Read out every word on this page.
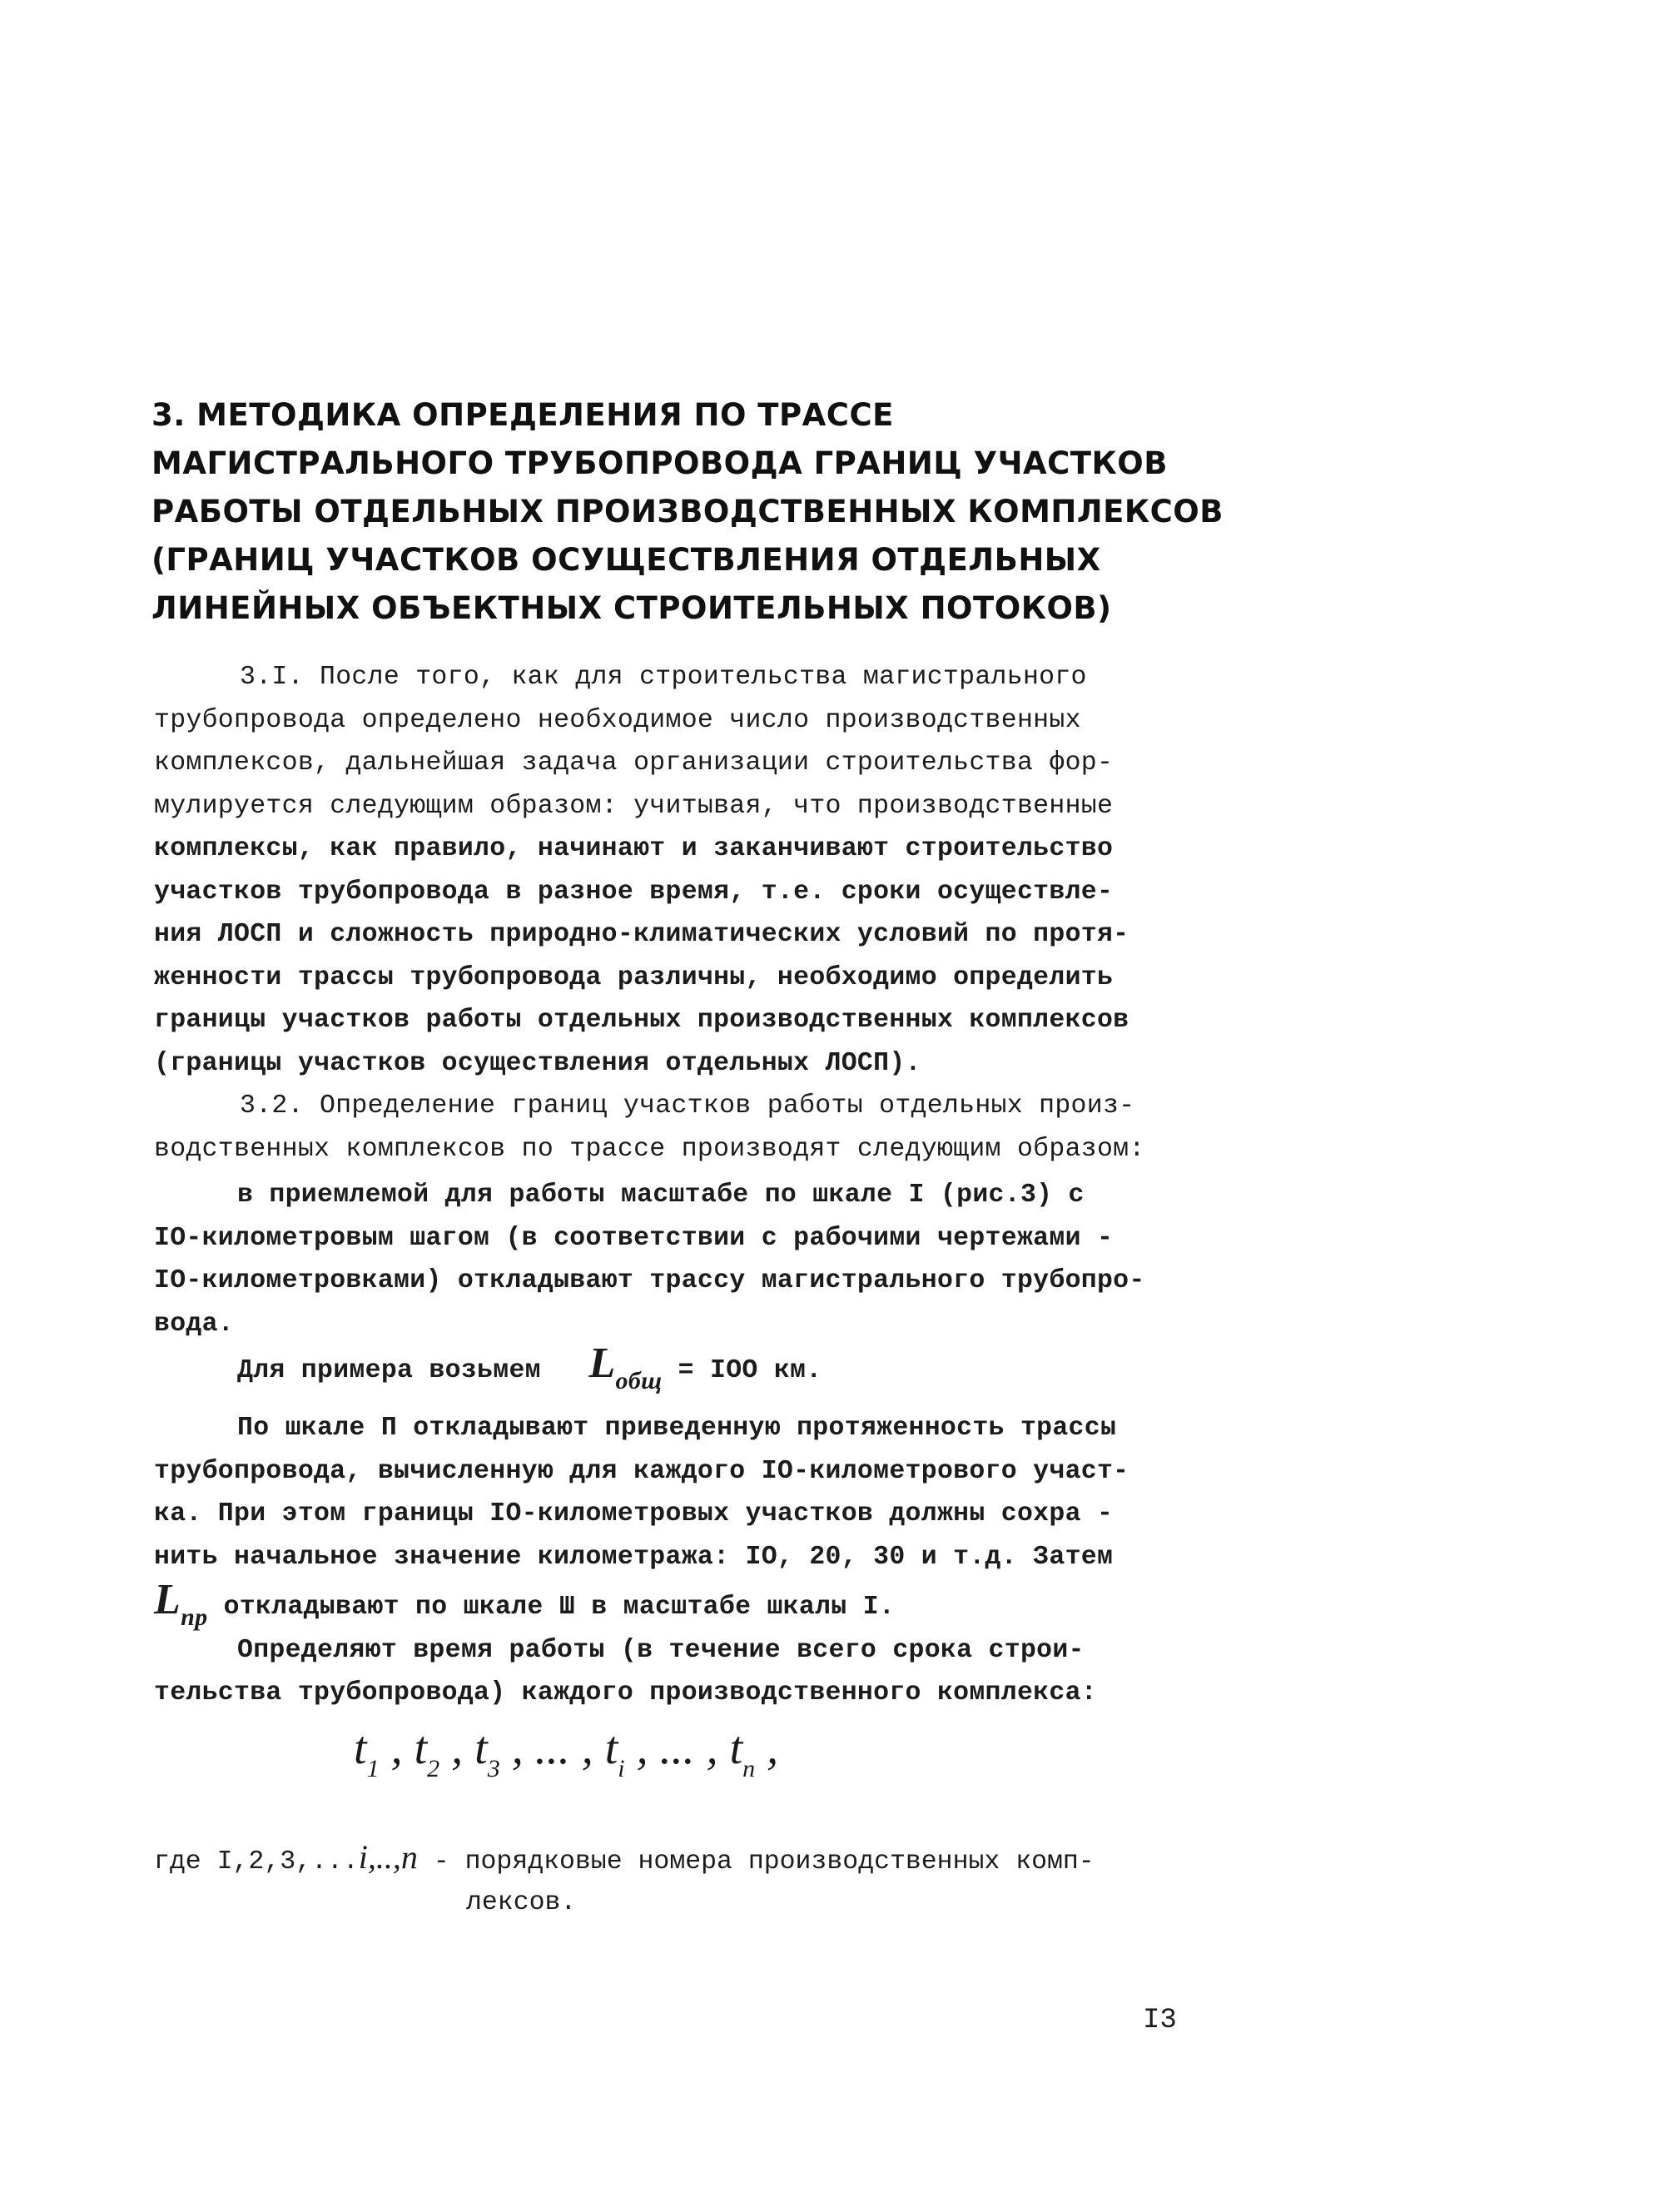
3. МЕТОДИКА ОПРЕДЕЛЕНИЯ ПО ТРАССЕ
МАГИСТРАЛЬНОГО ТРУБОПРОВОДА ГРАНИЦ УЧАСТКОВ
РАБОТЫ ОТДЕЛЬНЫХ ПРОИЗВОДСТВЕННЫХ КОМПЛЕКСОВ
(ГРАНИЦ УЧАСТКОВ ОСУЩЕСТВЛЕНИЯ ОТДЕЛЬНЫХ
ЛИНЕЙНЫХ ОБЪЕКТНЫХ СТРОИТЕЛЬНЫХ ПОТОКОВ)
3.I. После того, как для строительства магистрального
трубопровода определено необходимое число производственных
комплексов, дальнейшая задача организации строительства фор-
мулируется следующим образом: учитывая, что производственные
комплексы, как правило, начинают и заканчивают строительство
участков трубопровода в разное время, т.е. сроки осуществле-
ния ЛОСП и сложность природно-климатических условий по протя-
женности трассы трубопровода различны, необходимо определить
границы участков работы отдельных производственных комплексов
(границы участков осуществления отдельных ЛОСП).
3.2. Определение границ участков работы отдельных произ-
водственных комплексов по трассе производят следующим образом:
в приемлемой для работы масштабе по шкале I (рис.3) с
IO-километровым шагом (в соответствии с рабочими чертежами -
IO-километровками) откладывают трассу магистрального трубопро-
вода.
Для примера возьмем Lобщ = IOO км.
По шкале П откладывают приведенную протяженность трассы
трубопровода, вычисленную для каждого IO-километрового участ-
ка. При этом границы IO-километровых участков должны сохра -
нить начальное значение километража: IO, 20, 30 и т.д. Затем
Lпр откладывают по шкале Ш в масштабе шкалы I.
Определяют время работы (в течение всего срока строи-
тельства трубопровода) каждого производственного комплекса:
$t_1$ , $t_2$ , $t_3$ , ... , $t_i$ , ... , $t_n$ ,
где I,2,3,...i,..,n - порядковые номера производственных комп-
лексов.
I3
